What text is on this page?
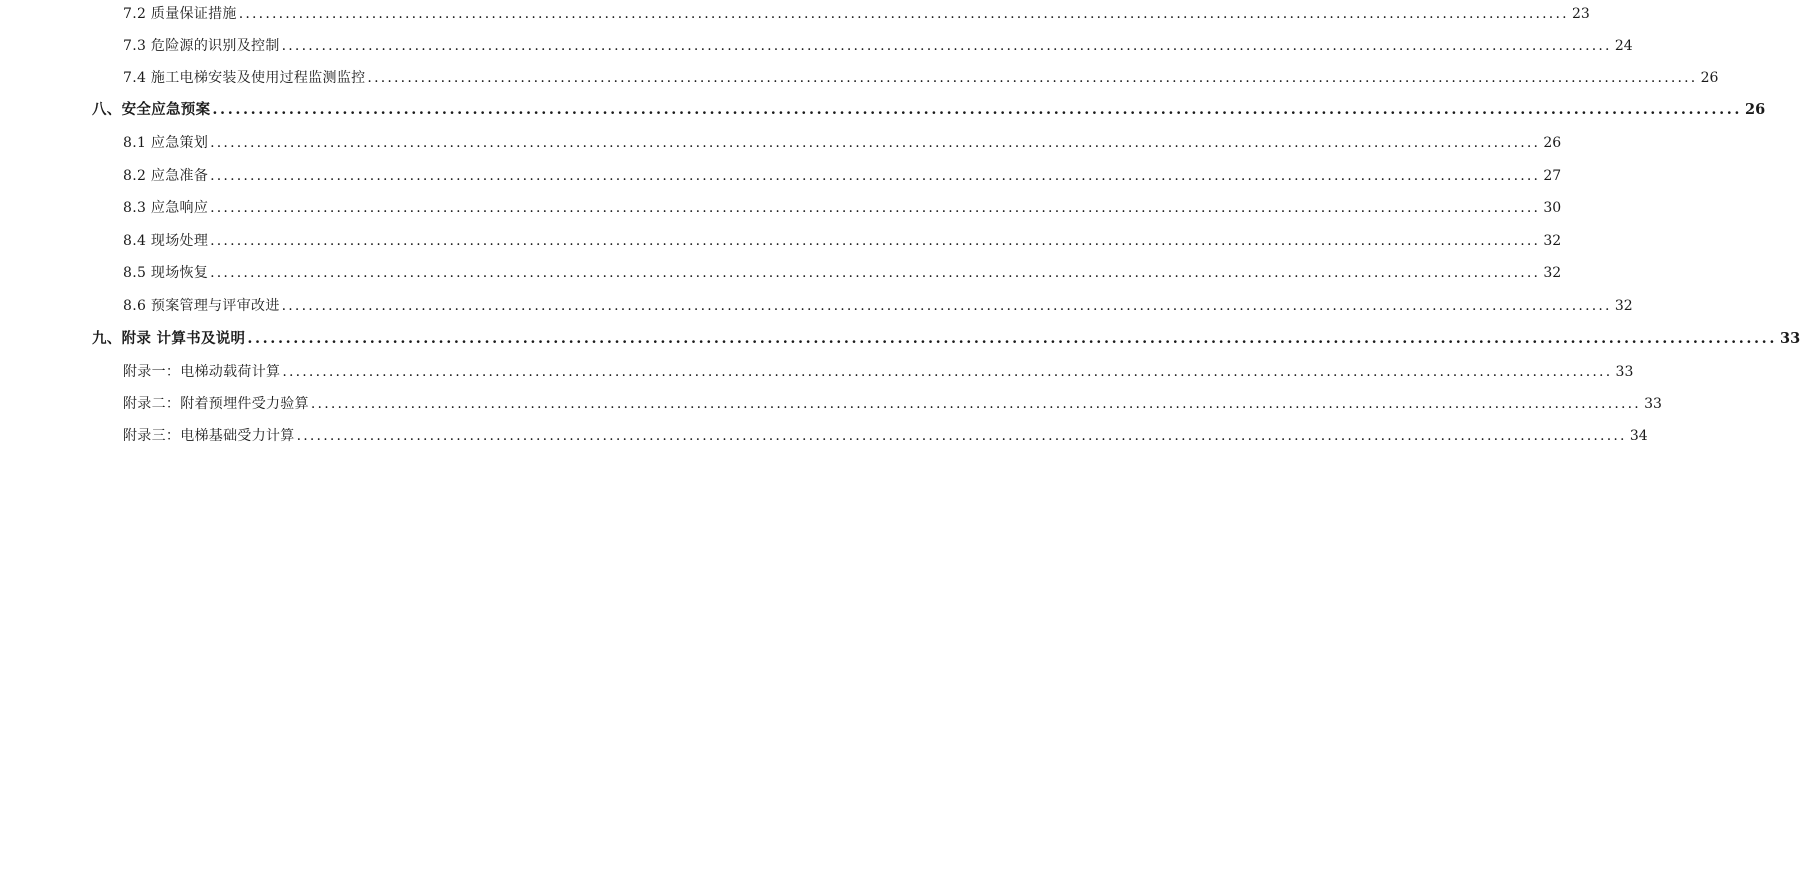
7.2 质量保证措施 ........................................................................................................................................................................................................ 23
7.3 危险源的识别及控制 ........................................................................................................................................................................................................ 24
7.4 施工电梯安装及使用过程监测监控 ........................................................................................................................................................................................................ 26
八、安全应急预案 ........................................................................................................................................................................................................ 26
8.1 应急策划 ........................................................................................................................................................................................................ 26
8.2 应急准备 ........................................................................................................................................................................................................ 27
8.3 应急响应 ........................................................................................................................................................................................................ 30
8.4 现场处理 ........................................................................................................................................................................................................ 32
8.5 现场恢复 ........................................................................................................................................................................................................ 32
8.6 预案管理与评审改进 ........................................................................................................................................................................................................ 32
九、附录 计算书及说明 ........................................................................................................................................................................................................ 33
附录一：电梯动载荷计算 ........................................................................................................................................................................................................ 33
附录二：附着预埋件受力验算 ........................................................................................................................................................................................................ 33
附录三：电梯基础受力计算 ........................................................................................................................................................................................................ 34
